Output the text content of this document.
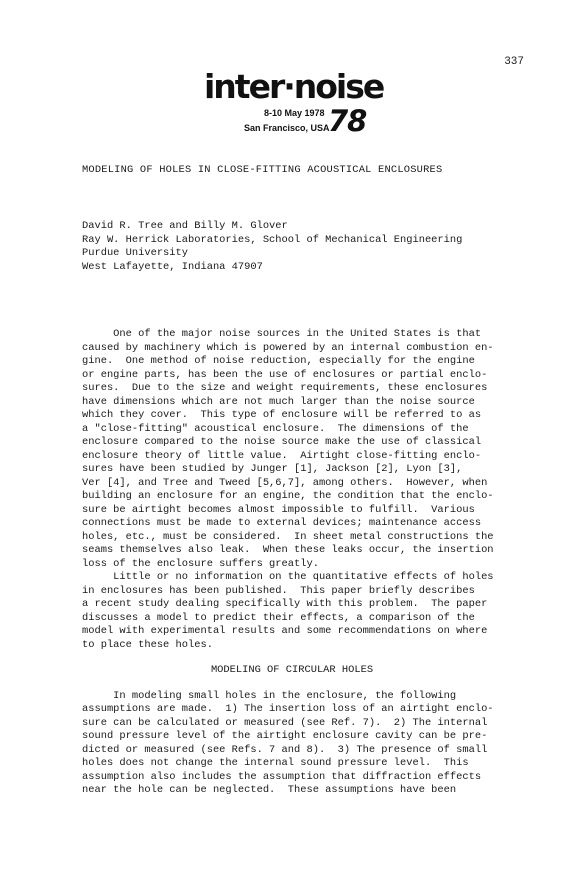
337
inter·noise
8-10 May 1978
San Francisco, USA
78
MODELING OF HOLES IN CLOSE-FITTING ACOUSTICAL ENCLOSURES
David R. Tree and Billy M. Glover
Ray W. Herrick Laboratories, School of Mechanical Engineering
Purdue University
West Lafayette, Indiana 47907

One of the major noise sources in the United States is that
caused by machinery which is powered by an internal combustion en-
gine.  One method of noise reduction, especially for the engine
or engine parts, has been the use of enclosures or partial enclo-
sures.  Due to the size and weight requirements, these enclosures
have dimensions which are not much larger than the noise source
which they cover.  This type of enclosure will be referred to as
a "close-fitting" acoustical enclosure.  The dimensions of the
enclosure compared to the noise source make the use of classical
enclosure theory of little value.  Airtight close-fitting enclo-
sures have been studied by Junger [1], Jackson [2], Lyon [3],
Ver [4], and Tree and Tweed [5,6,7], among others.  However, when
building an enclosure for an engine, the condition that the enclo-
sure be airtight becomes almost impossible to fulfill.  Various
connections must be made to external devices; maintenance access
holes, etc., must be considered.  In sheet metal constructions the
seams themselves also leak.  When these leaks occur, the insertion
loss of the enclosure suffers greatly.

Little or no information on the quantitative effects of holes
in enclosures has been published.  This paper briefly describes
a recent study dealing specifically with this problem.  The paper
discusses a model to predict their effects, a comparison of the
model with experimental results and some recommendations on where
to place these holes.

MODELING OF CIRCULAR HOLES

In modeling small holes in the enclosure, the following
assumptions are made.  1) The insertion loss of an airtight enclo-
sure can be calculated or measured (see Ref. 7).  2) The internal
sound pressure level of the airtight enclosure cavity can be pre-
dicted or measured (see Refs. 7 and 8).  3) The presence of small
holes does not change the internal sound pressure level.  This
assumption also includes the assumption that diffraction effects
near the hole can be neglected.  These assumptions have been
